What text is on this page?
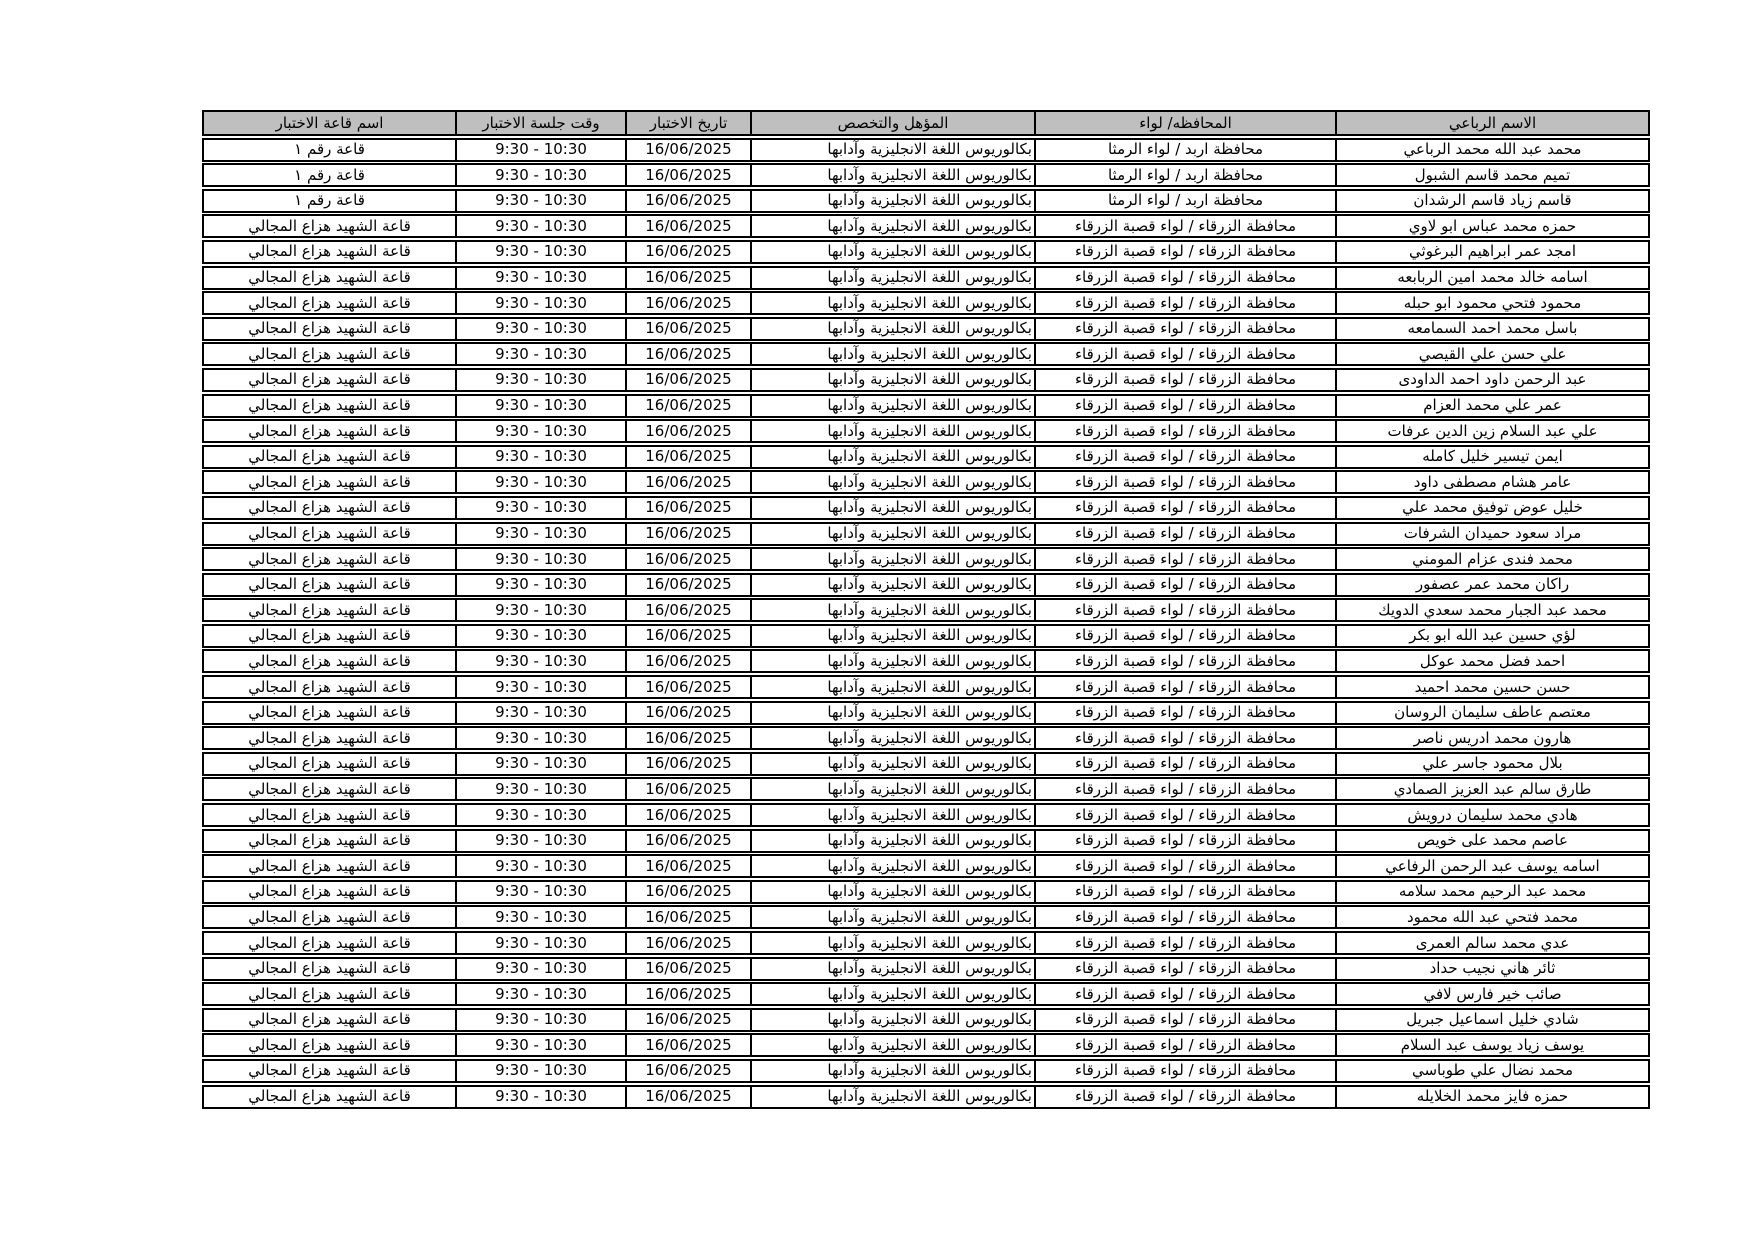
الاسم الرباعي
المحافظه/ لواء
المؤهل والتخصص
تاريخ الاختبار
وقت جلسة الاختبار
اسم قاعة الاختبار
محمد عبد الله محمد الرباعي
محافظة اربد / لواء الرمثا
بكالوريوس اللغة الانجليزية وآدابها
16/06/2025
9:30 - 10:30
قاعة رقم ١
تميم محمد قاسم الشبول
محافظة اربد / لواء الرمثا
بكالوريوس اللغة الانجليزية وآدابها
16/06/2025
9:30 - 10:30
قاعة رقم ١
قاسم زياد قاسم الرشدان
محافظة اربد / لواء الرمثا
بكالوريوس اللغة الانجليزية وآدابها
16/06/2025
9:30 - 10:30
قاعة رقم ١
حمزه محمد عباس ابو لاوي
محافظة الزرقاء / لواء قصبة الزرقاء
بكالوريوس اللغة الانجليزية وآدابها
16/06/2025
9:30 - 10:30
قاعة الشهيد هزاع المجالي
امجد عمر ابراهيم البرغوثي
محافظة الزرقاء / لواء قصبة الزرقاء
بكالوريوس اللغة الانجليزية وآدابها
16/06/2025
9:30 - 10:30
قاعة الشهيد هزاع المجالي
اسامه خالد محمد امين الربابعه
محافظة الزرقاء / لواء قصبة الزرقاء
بكالوريوس اللغة الانجليزية وآدابها
16/06/2025
9:30 - 10:30
قاعة الشهيد هزاع المجالي
محمود فتحي محمود ابو حبله
محافظة الزرقاء / لواء قصبة الزرقاء
بكالوريوس اللغة الانجليزية وآدابها
16/06/2025
9:30 - 10:30
قاعة الشهيد هزاع المجالي
باسل محمد احمد السمامعه
محافظة الزرقاء / لواء قصبة الزرقاء
بكالوريوس اللغة الانجليزية وآدابها
16/06/2025
9:30 - 10:30
قاعة الشهيد هزاع المجالي
علي حسن علي القيصي
محافظة الزرقاء / لواء قصبة الزرقاء
بكالوريوس اللغة الانجليزية وآدابها
16/06/2025
9:30 - 10:30
قاعة الشهيد هزاع المجالي
عبد الرحمن داود احمد الداودى
محافظة الزرقاء / لواء قصبة الزرقاء
بكالوريوس اللغة الانجليزية وآدابها
16/06/2025
9:30 - 10:30
قاعة الشهيد هزاع المجالي
عمر علي محمد العزام
محافظة الزرقاء / لواء قصبة الزرقاء
بكالوريوس اللغة الانجليزية وآدابها
16/06/2025
9:30 - 10:30
قاعة الشهيد هزاع المجالي
علي عبد السلام زين الدين عرفات
محافظة الزرقاء / لواء قصبة الزرقاء
بكالوريوس اللغة الانجليزية وآدابها
16/06/2025
9:30 - 10:30
قاعة الشهيد هزاع المجالي
ايمن تيسير خليل كامله
محافظة الزرقاء / لواء قصبة الزرقاء
بكالوريوس اللغة الانجليزية وآدابها
16/06/2025
9:30 - 10:30
قاعة الشهيد هزاع المجالي
عامر هشام مصطفى داود
محافظة الزرقاء / لواء قصبة الزرقاء
بكالوريوس اللغة الانجليزية وآدابها
16/06/2025
9:30 - 10:30
قاعة الشهيد هزاع المجالي
خليل عوض توفيق محمد علي
محافظة الزرقاء / لواء قصبة الزرقاء
بكالوريوس اللغة الانجليزية وآدابها
16/06/2025
9:30 - 10:30
قاعة الشهيد هزاع المجالي
مراد سعود حميدان الشرفات
محافظة الزرقاء / لواء قصبة الزرقاء
بكالوريوس اللغة الانجليزية وآدابها
16/06/2025
9:30 - 10:30
قاعة الشهيد هزاع المجالي
محمد فندى عزام المومني
محافظة الزرقاء / لواء قصبة الزرقاء
بكالوريوس اللغة الانجليزية وآدابها
16/06/2025
9:30 - 10:30
قاعة الشهيد هزاع المجالي
راكان محمد عمر عصفور
محافظة الزرقاء / لواء قصبة الزرقاء
بكالوريوس اللغة الانجليزية وآدابها
16/06/2025
9:30 - 10:30
قاعة الشهيد هزاع المجالي
محمد عبد الجبار محمد سعدي الدويك
محافظة الزرقاء / لواء قصبة الزرقاء
بكالوريوس اللغة الانجليزية وآدابها
16/06/2025
9:30 - 10:30
قاعة الشهيد هزاع المجالي
لؤي حسين عبد الله ابو بكر
محافظة الزرقاء / لواء قصبة الزرقاء
بكالوريوس اللغة الانجليزية وآدابها
16/06/2025
9:30 - 10:30
قاعة الشهيد هزاع المجالي
احمد فضل محمد عوكل
محافظة الزرقاء / لواء قصبة الزرقاء
بكالوريوس اللغة الانجليزية وآدابها
16/06/2025
9:30 - 10:30
قاعة الشهيد هزاع المجالي
حسن حسين محمد احميد
محافظة الزرقاء / لواء قصبة الزرقاء
بكالوريوس اللغة الانجليزية وآدابها
16/06/2025
9:30 - 10:30
قاعة الشهيد هزاع المجالي
معتصم عاطف سليمان الروسان
محافظة الزرقاء / لواء قصبة الزرقاء
بكالوريوس اللغة الانجليزية وآدابها
16/06/2025
9:30 - 10:30
قاعة الشهيد هزاع المجالي
هارون محمد ادريس ناصر
محافظة الزرقاء / لواء قصبة الزرقاء
بكالوريوس اللغة الانجليزية وآدابها
16/06/2025
9:30 - 10:30
قاعة الشهيد هزاع المجالي
بلال محمود جاسر علي
محافظة الزرقاء / لواء قصبة الزرقاء
بكالوريوس اللغة الانجليزية وآدابها
16/06/2025
9:30 - 10:30
قاعة الشهيد هزاع المجالي
طارق سالم عبد العزيز الصمادي
محافظة الزرقاء / لواء قصبة الزرقاء
بكالوريوس اللغة الانجليزية وآدابها
16/06/2025
9:30 - 10:30
قاعة الشهيد هزاع المجالي
هادي محمد سليمان درويش
محافظة الزرقاء / لواء قصبة الزرقاء
بكالوريوس اللغة الانجليزية وآدابها
16/06/2025
9:30 - 10:30
قاعة الشهيد هزاع المجالي
عاصم محمد على خويص
محافظة الزرقاء / لواء قصبة الزرقاء
بكالوريوس اللغة الانجليزية وآدابها
16/06/2025
9:30 - 10:30
قاعة الشهيد هزاع المجالي
اسامه يوسف عبد الرحمن الرفاعي
محافظة الزرقاء / لواء قصبة الزرقاء
بكالوريوس اللغة الانجليزية وآدابها
16/06/2025
9:30 - 10:30
قاعة الشهيد هزاع المجالي
محمد عبد الرحيم محمد سلامه
محافظة الزرقاء / لواء قصبة الزرقاء
بكالوريوس اللغة الانجليزية وآدابها
16/06/2025
9:30 - 10:30
قاعة الشهيد هزاع المجالي
محمد فتحي عبد الله محمود
محافظة الزرقاء / لواء قصبة الزرقاء
بكالوريوس اللغة الانجليزية وآدابها
16/06/2025
9:30 - 10:30
قاعة الشهيد هزاع المجالي
عدي محمد سالم العمرى
محافظة الزرقاء / لواء قصبة الزرقاء
بكالوريوس اللغة الانجليزية وآدابها
16/06/2025
9:30 - 10:30
قاعة الشهيد هزاع المجالي
ثائر هاني نجيب حداد
محافظة الزرقاء / لواء قصبة الزرقاء
بكالوريوس اللغة الانجليزية وآدابها
16/06/2025
9:30 - 10:30
قاعة الشهيد هزاع المجالي
صائب خير فارس لافي
محافظة الزرقاء / لواء قصبة الزرقاء
بكالوريوس اللغة الانجليزية وآدابها
16/06/2025
9:30 - 10:30
قاعة الشهيد هزاع المجالي
شادي خليل اسماعيل جبريل
محافظة الزرقاء / لواء قصبة الزرقاء
بكالوريوس اللغة الانجليزية وآدابها
16/06/2025
9:30 - 10:30
قاعة الشهيد هزاع المجالي
يوسف زياد يوسف عبد السلام
محافظة الزرقاء / لواء قصبة الزرقاء
بكالوريوس اللغة الانجليزية وآدابها
16/06/2025
9:30 - 10:30
قاعة الشهيد هزاع المجالي
محمد نضال علي طوباسي
محافظة الزرقاء / لواء قصبة الزرقاء
بكالوريوس اللغة الانجليزية وآدابها
16/06/2025
9:30 - 10:30
قاعة الشهيد هزاع المجالي
حمزه فايز محمد الخلايله
محافظة الزرقاء / لواء قصبة الزرقاء
بكالوريوس اللغة الانجليزية وآدابها
16/06/2025
9:30 - 10:30
قاعة الشهيد هزاع المجالي
